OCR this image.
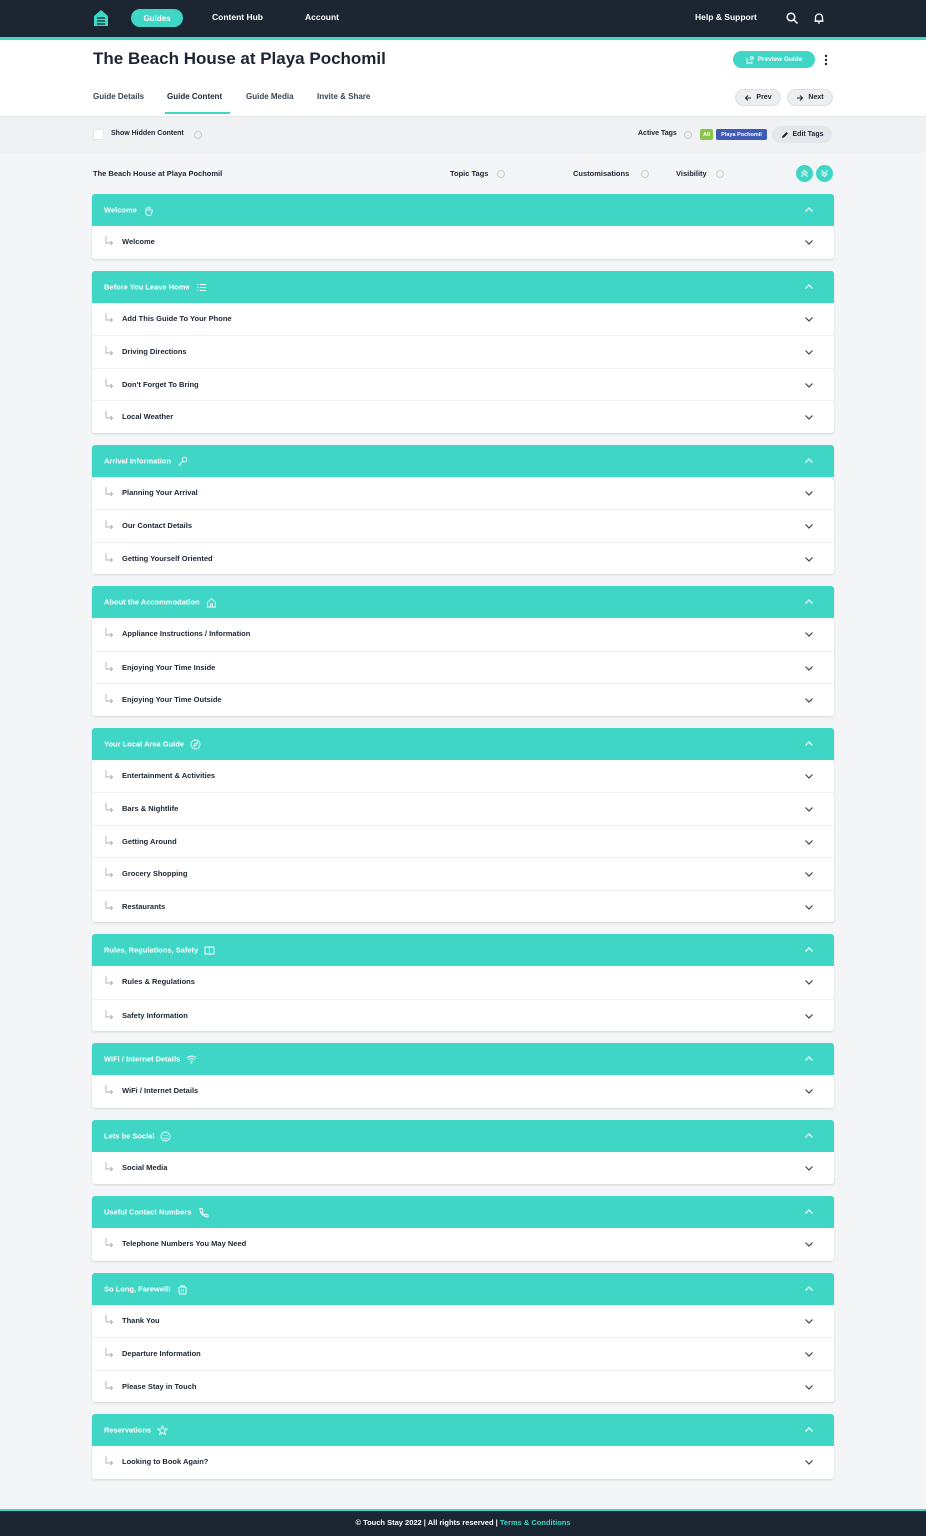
Guides	Content Hub	Account	Help & Support
The Beach House at Playa Pochomil	Preview Guide
Guide Details	Guide Content	Guide Media	Invite & Share	Prev	Next
Show Hidden Content	Active Tags	All	Playa Pochomil	Edit Tags
The Beach House at Playa Pochomil	Topic Tags	Customisations	Visibility
Welcome
Welcome
Before You Leave Home
Add This Guide To Your Phone
Driving Directions
Don't Forget To Bring
Local Weather
Arrival Information
Planning Your Arrival
Our Contact Details
Getting Yourself Oriented
About the Accommodation
Appliance Instructions / Information
Enjoying Your Time Inside
Enjoying Your Time Outside
Your Local Area Guide
Entertainment & Activities
Bars & Nightlife
Getting Around
Grocery Shopping
Restaurants
Rules, Regulations, Safety
Rules & Regulations
Safety Information
WiFi / Internet Details
WiFi / Internet Details
Lets be Social
Social Media
Useful Contact Numbers
Telephone Numbers You May Need
So Long, Farewell!
Thank You
Departure Information
Please Stay in Touch
Reservations
Looking to Book Again?
© Touch Stay 2022 | All rights reserved | Terms & Conditions
